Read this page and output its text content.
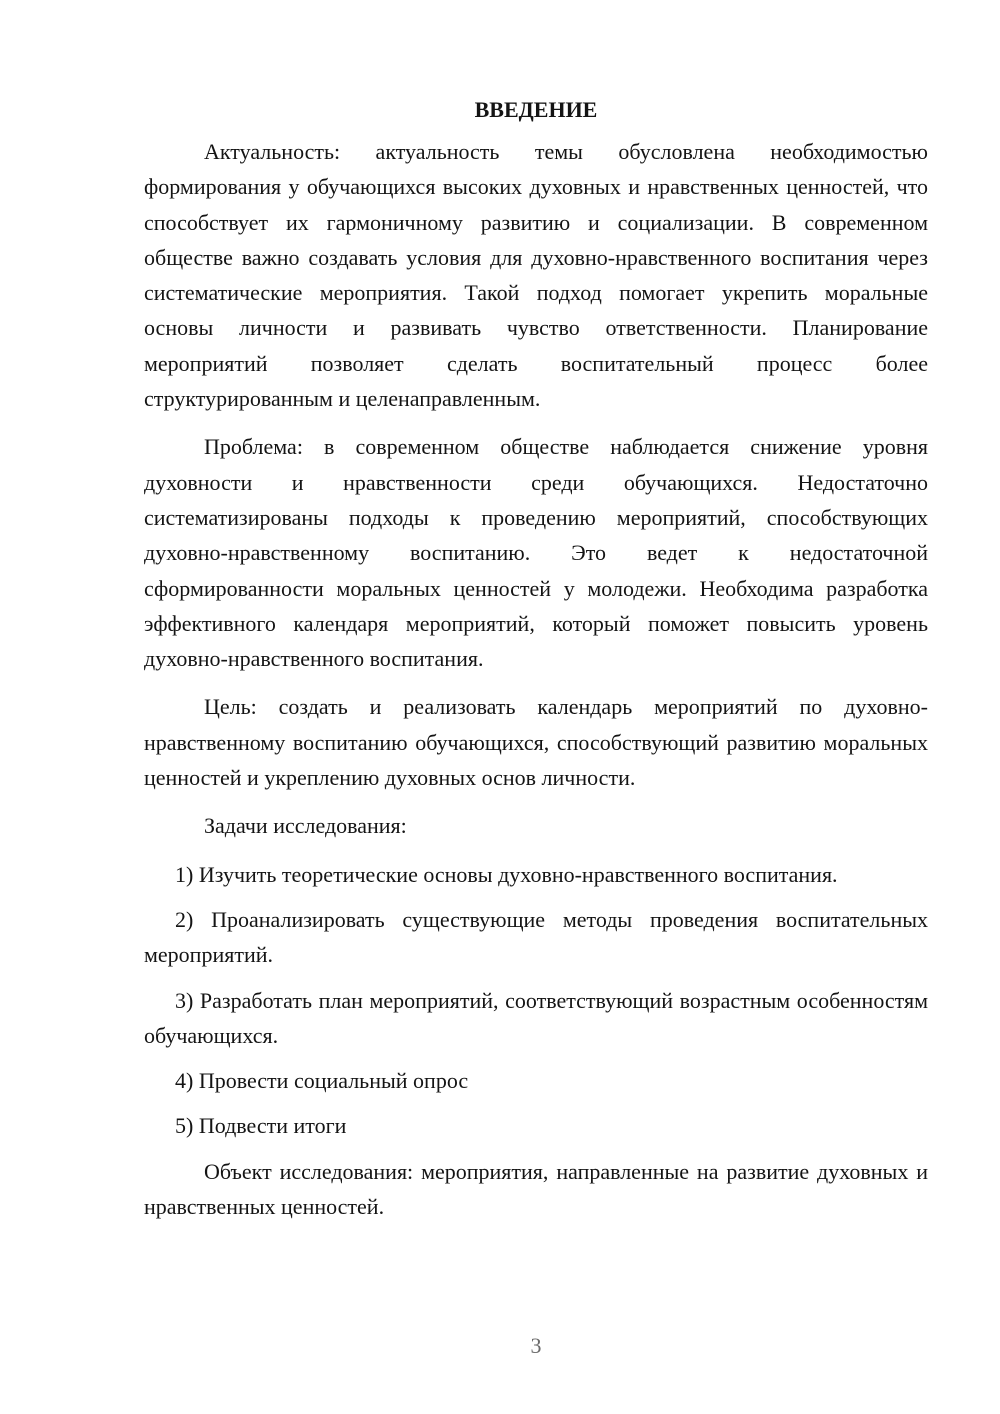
ВВЕДЕНИЕ

Актуальность: актуальность темы обусловлена необходимостью формирования у обучающихся высоких духовных и нравственных ценностей, что способствует их гармоничному развитию и социализации. В современном обществе важно создавать условия для духовно-нравственного воспитания через систематические мероприятия. Такой подход помогает укрепить моральные основы личности и развивать чувство ответственности. Планирование мероприятий позволяет сделать воспитательный процесс более структурированным и целенаправленным.

Проблема: в современном обществе наблюдается снижение уровня духовности и нравственности среди обучающихся. Недостаточно систематизированы подходы к проведению мероприятий, способствующих духовно-нравственному воспитанию. Это ведет к недостаточной сформированности моральных ценностей у молодежи. Необходима разработка эффективного календаря мероприятий, который поможет повысить уровень духовно-нравственного воспитания.

Цель: создать и реализовать календарь мероприятий по духовно-нравственному воспитанию обучающихся, способствующий развитию моральных ценностей и укреплению духовных основ личности.

Задачи исследования:

1) Изучить теоретические основы духовно-нравственного воспитания.

2) Проанализировать существующие методы проведения воспитательных мероприятий.

3) Разработать план мероприятий, соответствующий возрастным особенностям обучающихся.

4) Провести социальный опрос

5) Подвести итоги

Объект исследования: мероприятия, направленные на развитие духовных и нравственных ценностей.

3
